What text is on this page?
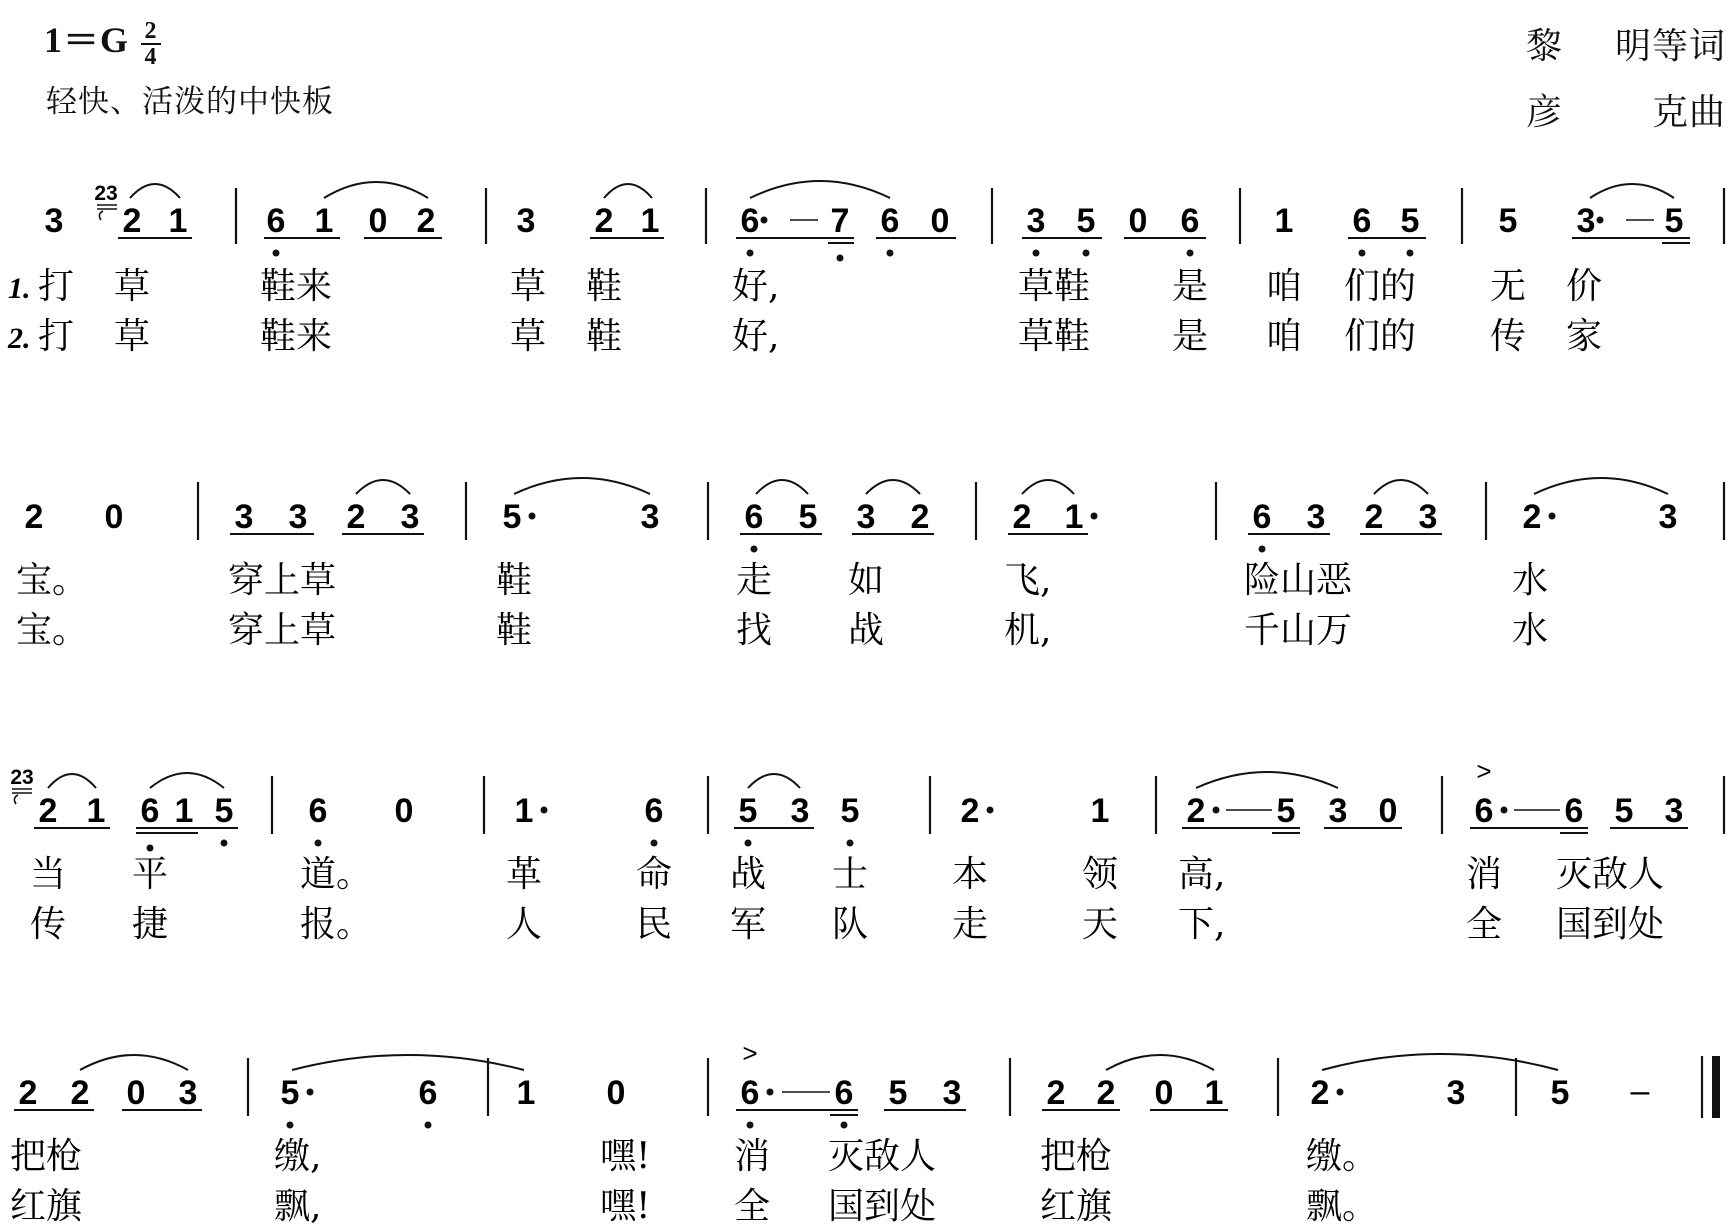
$1=G \frac{2}{4}$
轻快、活泼的中快板
黎 明等词
彦 克曲
23
3 2 1 6 1 0 2 3 2 1 6 7 6 0 3 5 0 6 1 6 5 5 3 5
1.
2.
打 草	鞋来	草 鞋	好,	草鞋 是 咱 们的 无 价
打 草	鞋来	草 鞋	好,	草鞋 是 咱 们的 传 家
2 0	3 3 2 3 5	3	6 5 3 2 2 1	6 3 2 3	2	3
宝。	穿上草	鞋	走 如	飞,	险山恶	水
宝。	穿上草	鞋	找 战	机,	千山万	水
23
2 1 6 1 5 6 0	1	6 5 3 5	2	1 2 5 3 0 6 6 5 3
>
当 平	道。	革	命 战 士 本	领 高,	消 灭敌人
传 捷	报。	人	民 军 队 走	天 下,	全 国到处
2 2 0 3 5	6 1 0	6 6 5 3	2 2 0 1	2	3	5 –
>
把枪	缴,	嘿! 消 灭敌人	把枪	缴。
红旗	飘,	嘿! 全 国到处	红旗	飘。
